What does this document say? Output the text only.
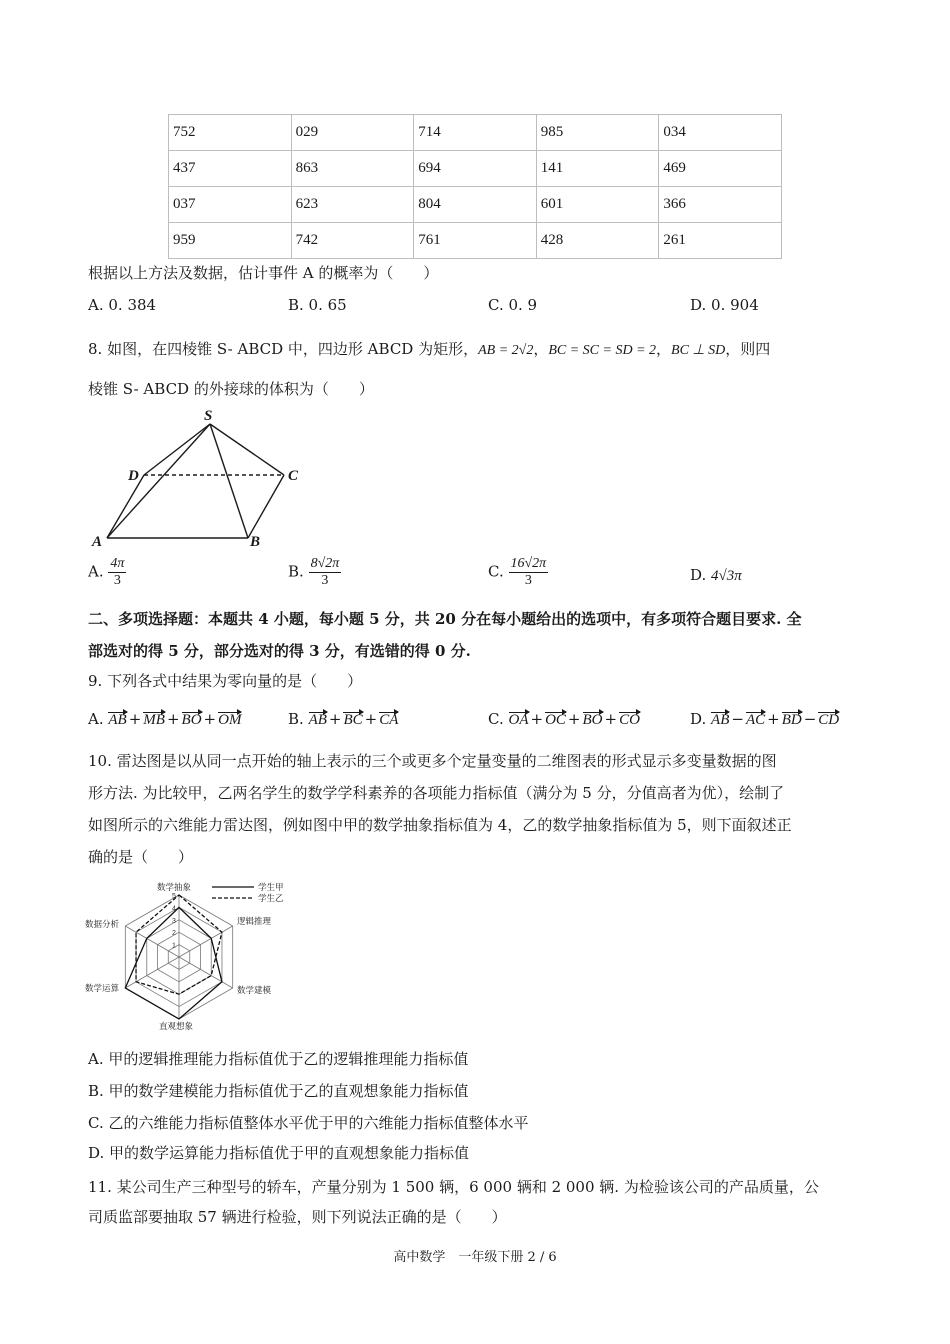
752	029	714	985	034
437	863	694	141	469
037	623	804	601	366
959	742	761	428	261
根据以上方法及数据，估计事件 A 的概率为（　　）
A. 0. 384	B. 0. 65	C. 0. 9	D. 0. 904
8. 如图，在四棱锥 S- ABCD 中，四边形 ABCD 为矩形，AB = 2√2，BC = SC = SD = 2，BC ⊥ SD，则四
棱锥 S- ABCD 的外接球的体积为（　　）
S
D	C
A	B
A. $\frac{4\pi}{3}$	B. $\frac{8√2\pi}{3}$	C. $\frac{16√2\pi}{3}$	D. 4√3π
二、多项选择题：本题共 4 小题，每小题 5 分，共 20 分在每小题给出的选项中，有多项符合题目要求. 全
部选对的得 5 分，部分选对的得 3 分，有选错的得 0 分.
9. 下列各式中结果为零向量的是（　　）
A. AB + MB + BO + OM	B. AB + BC + CA	C. OA + OC + BO + CO	D. AB − AC + BD − CD
10. 雷达图是以从同一点开始的轴上表示的三个或更多个定量变量的二维图表的形式显示多变量数据的图
形方法. 为比较甲，乙两名学生的数学学科素养的各项能力指标值（满分为 5 分，分值高者为优），绘制了
如图所示的六维能力雷达图，例如图中甲的数学抽象指标值为 4，乙的数学抽象指标值为 5，则下面叙述正
确的是（　　）
1
2
3
4
5
数学抽象
逻辑推理
数学建模
直观想象
数学运算
数据分析
学生甲
学生乙
A. 甲的逻辑推理能力指标值优于乙的逻辑推理能力指标值
B. 甲的数学建模能力指标值优于乙的直观想象能力指标值
C. 乙的六维能力指标值整体水平优于甲的六维能力指标值整体水平
D. 甲的数学运算能力指标值优于甲的直观想象能力指标值
11. 某公司生产三种型号的轿车，产量分别为 1 500 辆，6 000 辆和 2 000 辆. 为检验该公司的产品质量，公
司质监部要抽取 57 辆进行检验，则下列说法正确的是（　　）
高中数学　一年级下册 2 / 6
